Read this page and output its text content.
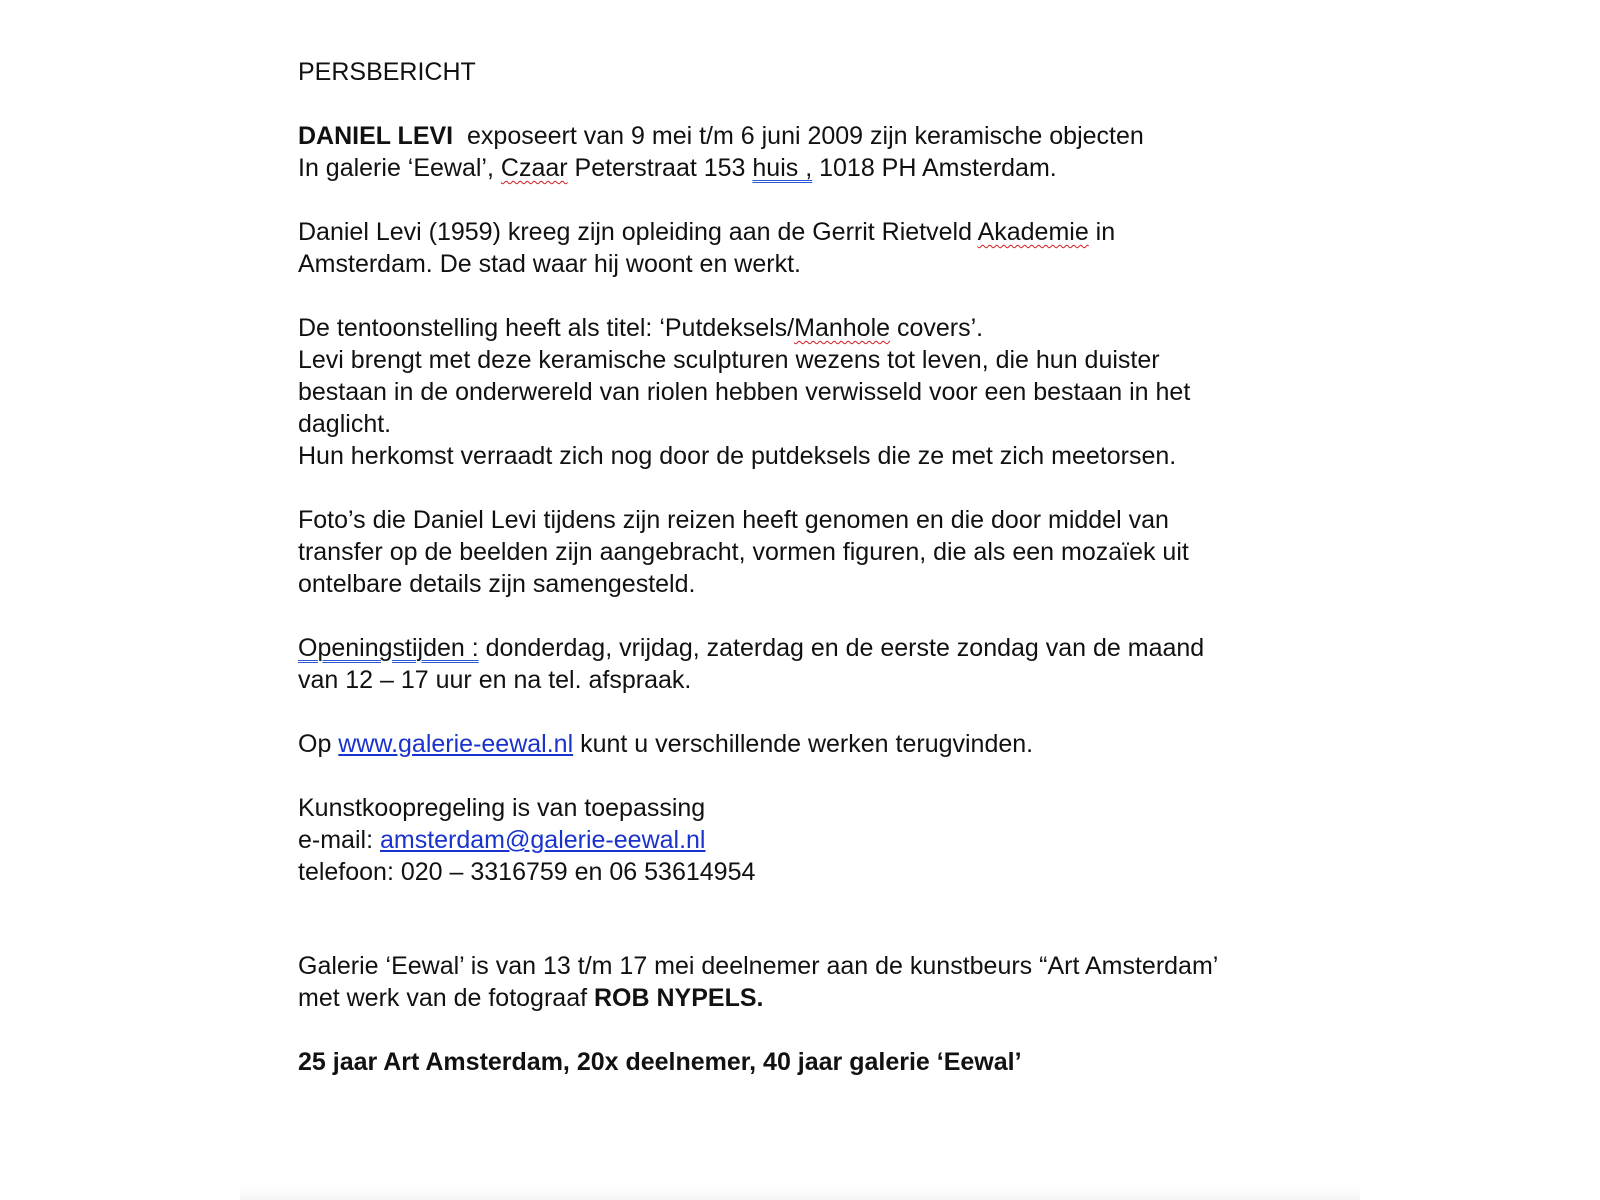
PERSBERICHT
DANIEL LEVI exposeert van 9 mei t/m 6 juni 2009 zijn keramische objecten
In galerie ‘Eewal’, Czaar Peterstraat 153 huis , 1018 PH Amsterdam.
Daniel Levi (1959) kreeg zijn opleiding aan de Gerrit Rietveld Akademie in
Amsterdam. De stad waar hij woont en werkt.
De tentoonstelling heeft als titel: ‘Putdeksels/Manhole covers’.
Levi brengt met deze keramische sculpturen wezens tot leven, die hun duister
bestaan in de onderwereld van riolen hebben verwisseld voor een bestaan in het
daglicht.
Hun herkomst verraadt zich nog door de putdeksels die ze met zich meetorsen.
Foto’s die Daniel Levi tijdens zijn reizen heeft genomen en die door middel van
transfer op de beelden zijn aangebracht, vormen figuren, die als een mozaïek uit
ontelbare details zijn samengesteld.
Openingstijden : donderdag, vrijdag, zaterdag en de eerste zondag van de maand
van 12 – 17 uur en na tel. afspraak.
Op www.galerie-eewal.nl kunt u verschillende werken terugvinden.
Kunstkoopregeling is van toepassing
e-mail: amsterdam@galerie-eewal.nl
telefoon: 020 – 3316759 en 06 53614954
Galerie ‘Eewal’ is van 13 t/m 17 mei deelnemer aan de kunstbeurs “Art Amsterdam’
met werk van de fotograaf ROB NYPELS.
25 jaar Art Amsterdam, 20x deelnemer, 40 jaar galerie ‘Eewal’
